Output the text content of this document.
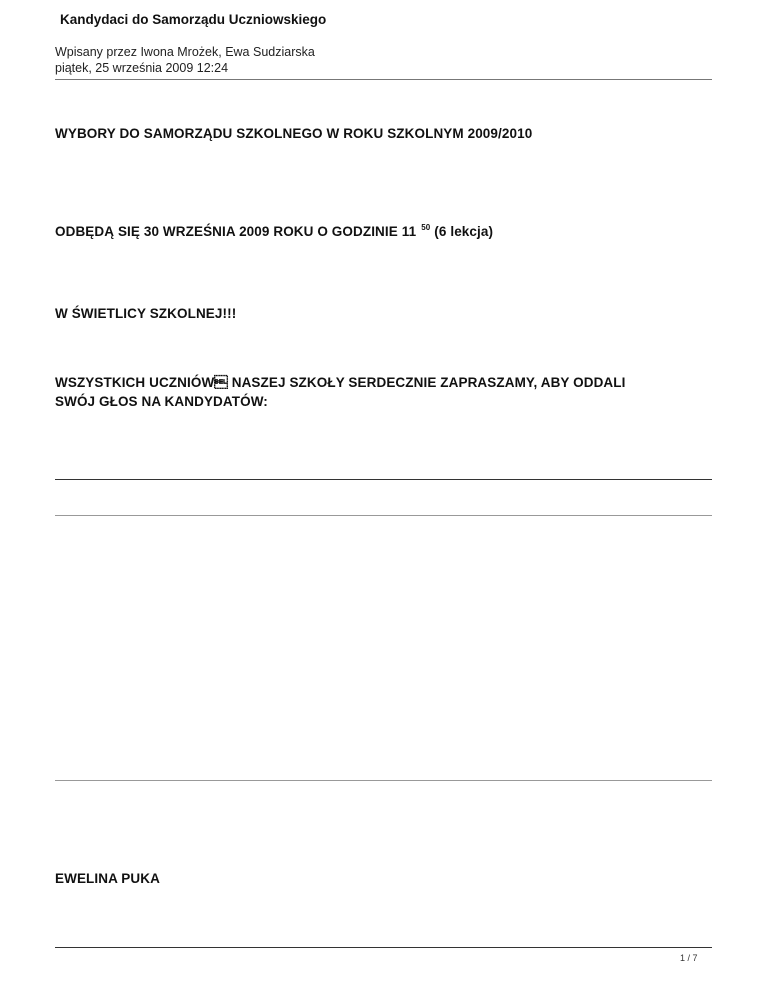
Kandydaci do Samorządu Uczniowskiego
Wpisany przez Iwona Mrożek, Ewa Sudziarska
piątek, 25 września 2009 12:24

WYBORY DO SAMORZĄDU SZKOLNEGO W ROKU SZKOLNYM 2009/2010

ODBĘDĄ SIĘ 30 WRZEŚNIA 2009 ROKU O GODZINIE 11 $^{50}$ (6 lekcja)

W ŚWIETLICY SZKOLNEJ!!!

WSZYSTKICH UCZNIÓW NASZEJ SZKOŁY SERDECZNIE ZAPRASZAMY, ABY ODDALI
SWÓJ GŁOS NA KANDYDATÓW:

EWELINA PUKA

1 / 7
